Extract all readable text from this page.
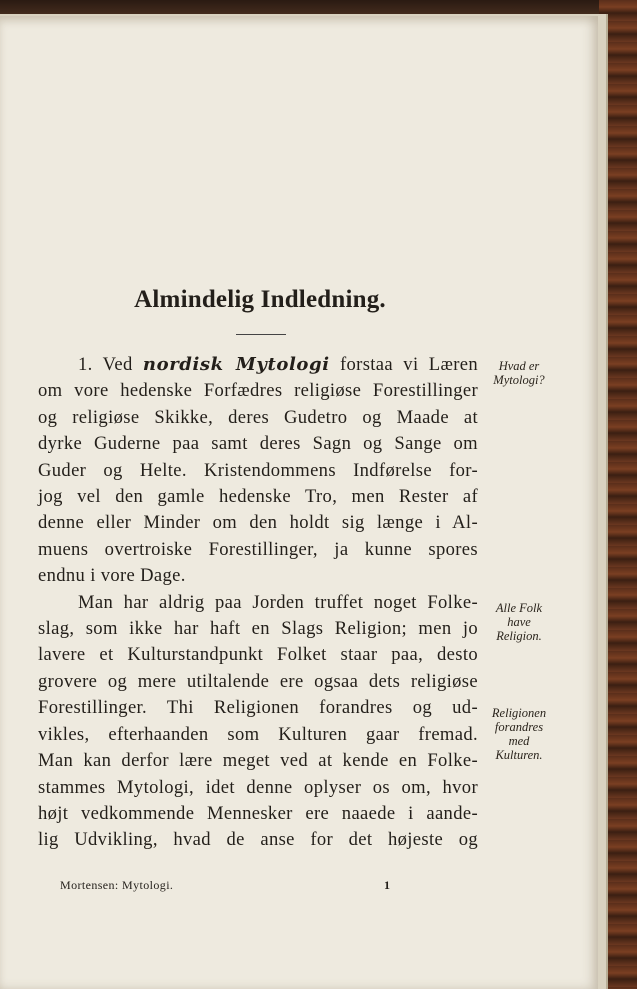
Almindelig Indledning.
1. Ved nordisk Mytologi forstaa vi Læren
om vore hedenske Forfædres religiøse Forestillinger
og religiøse Skikke, deres Gudetro og Maade at
dyrke Guderne paa samt deres Sagn og Sange om
Guder og Helte. Kristendommens Indførelse for-
jog vel den gamle hedenske Tro, men Rester af
denne eller Minder om den holdt sig længe i Al-
muens overtroiske Forestillinger, ja kunne spores
endnu i vore Dage.
Man har aldrig paa Jorden truffet noget Folke-
slag, som ikke har haft en Slags Religion; men jo
lavere et Kulturstandpunkt Folket staar paa, desto
grovere og mere utiltalende ere ogsaa dets religiøse
Forestillinger. Thi Religionen forandres og ud-
vikles, efterhaanden som Kulturen gaar fremad.
Man kan derfor lære meget ved at kende en Folke-
stammes Mytologi, idet denne oplyser os om, hvor
højt vedkommende Mennesker ere naaede i aande-
lig Udvikling, hvad de anse for det højeste og
Hvad er
Mytologi?
Alle Folk
have
Religion.
Religionen
forandres
med
Kulturen.
Mortensen: Mytologi.	1
